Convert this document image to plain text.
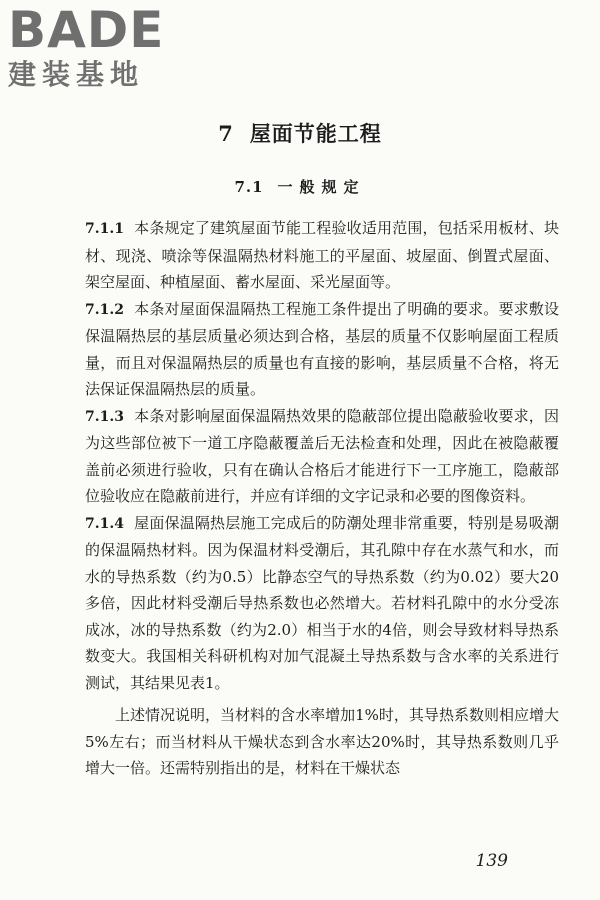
BADE
建装基地
7 屋面节能工程
7.1 一般规定

7.1.1 本条规定了建筑屋面节能工程验收适用范围，包括采用板材、块材、现浇、喷涂等保温隔热材料施工的平屋面、坡屋面、倒置式屋面、架空屋面、种植屋面、蓄水屋面、采光屋面等。

7.1.2 本条对屋面保温隔热工程施工条件提出了明确的要求。要求敷设保温隔热层的基层质量必须达到合格，基层的质量不仅影响屋面工程质量，而且对保温隔热层的质量也有直接的影响，基层质量不合格，将无法保证保温隔热层的质量。

7.1.3 本条对影响屋面保温隔热效果的隐蔽部位提出隐蔽验收要求，因为这些部位被下一道工序隐蔽覆盖后无法检查和处理，因此在被隐蔽覆盖前必须进行验收，只有在确认合格后才能进行下一工序施工，隐蔽部位验收应在隐蔽前进行，并应有详细的文字记录和必要的图像资料。

7.1.4 屋面保温隔热层施工完成后的防潮处理非常重要，特别是易吸潮的保温隔热材料。因为保温材料受潮后，其孔隙中存在水蒸气和水，而水的导热系数（约为0.5）比静态空气的导热系数（约为0.02）要大20多倍，因此材料受潮后导热系数也必然增大。若材料孔隙中的水分受冻成冰，冰的导热系数（约为2.0）相当于水的4倍，则会导致材料导热系数变大。我国相关科研机构对加气混凝土导热系数与含水率的关系进行测试，其结果见表1。

上述情况说明，当材料的含水率增加1%时，其导热系数则相应增大5%左右；而当材料从干燥状态到含水率达20%时，其导热系数则几乎增大一倍。还需特别指出的是，材料在干燥状态

139
